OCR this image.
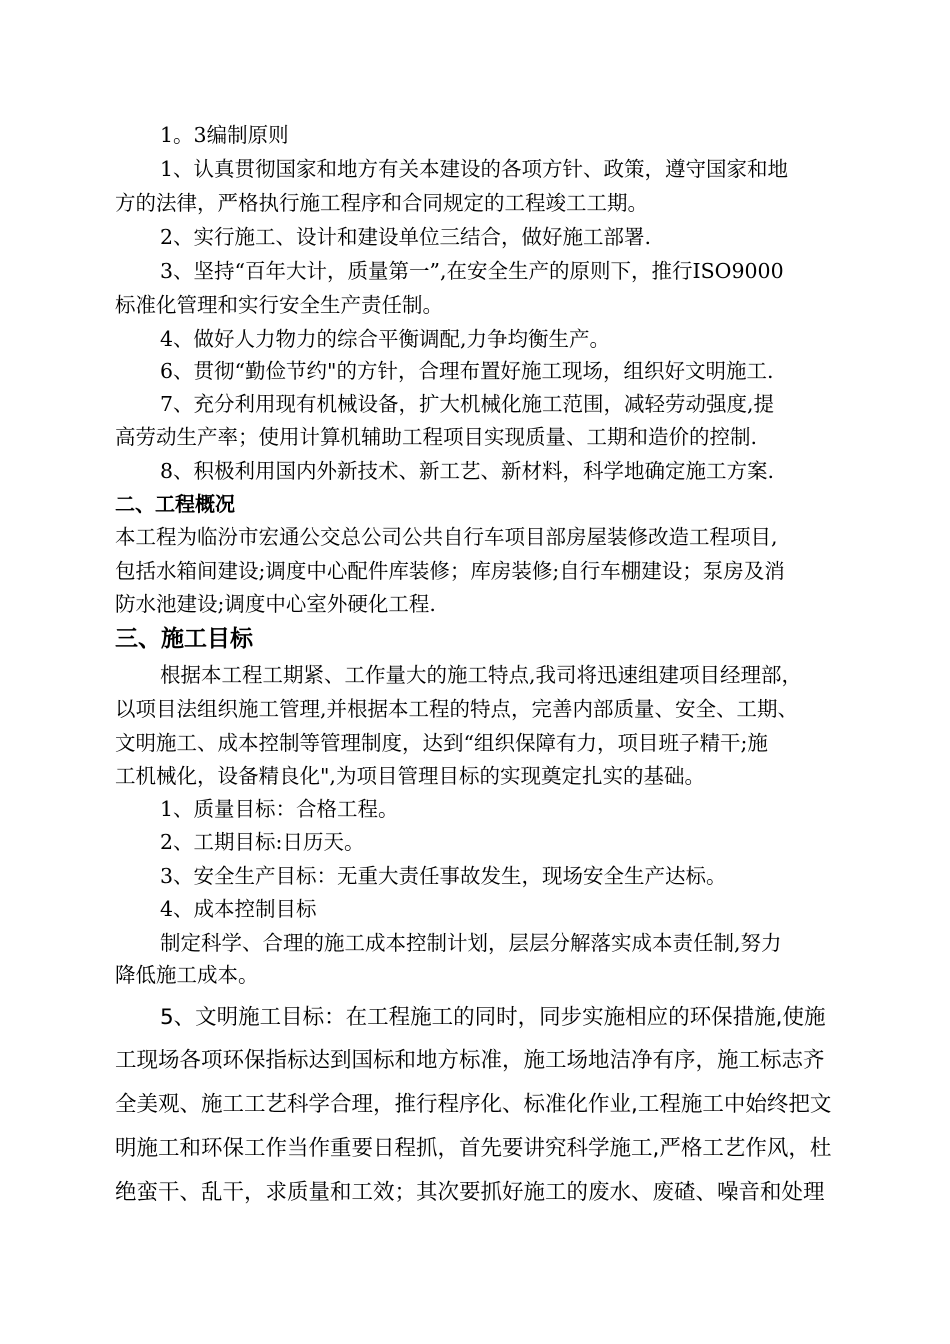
1。3编制原则
1、认真贯彻国家和地方有关本建设的各项方针、政策，遵守国家和地
方的法律，严格执行施工程序和合同规定的工程竣工工期。
2、实行施工、设计和建设单位三结合，做好施工部署.
3、坚持“百年大计，质量第一”,在安全生产的原则下，推行ISO9000
标准化管理和实行安全生产责任制。
4、做好人力物力的综合平衡调配,力争均衡生产。
6、贯彻“勤俭节约"的方针，合理布置好施工现场，组织好文明施工.
7、充分利用现有机械设备，扩大机械化施工范围，减轻劳动强度,提
高劳动生产率；使用计算机辅助工程项目实现质量、工期和造价的控制.
8、积极利用国内外新技术、新工艺、新材料，科学地确定施工方案.
二、工程概况
本工程为临汾市宏通公交总公司公共自行车项目部房屋装修改造工程项目,
包括水箱间建设;调度中心配件库装修；库房装修;自行车棚建设；泵房及消
防水池建设;调度中心室外硬化工程.
三、施工目标
根据本工程工期紧、工作量大的施工特点,我司将迅速组建项目经理部，
以项目法组织施工管理,并根据本工程的特点，完善内部质量、安全、工期、
文明施工、成本控制等管理制度，达到“组织保障有力，项目班子精干;施
工机械化，设备精良化",为项目管理目标的实现奠定扎实的基础。
1、质量目标：合格工程。
2、工期目标:日历天。
3、安全生产目标：无重大责任事故发生，现场安全生产达标。
4、成本控制目标
制定科学、合理的施工成本控制计划，层层分解落实成本责任制,努力
降低施工成本。
5、文明施工目标：在工程施工的同时，同步实施相应的环保措施,使施
工现场各项环保指标达到国标和地方标准，施工场地洁净有序，施工标志齐
全美观、施工工艺科学合理，推行程序化、标准化作业,工程施工中始终把文
明施工和环保工作当作重要日程抓，首先要讲究科学施工,严格工艺作风，杜
绝蛮干、乱干，求质量和工效；其次要抓好施工的废水、废碴、噪音和处理
